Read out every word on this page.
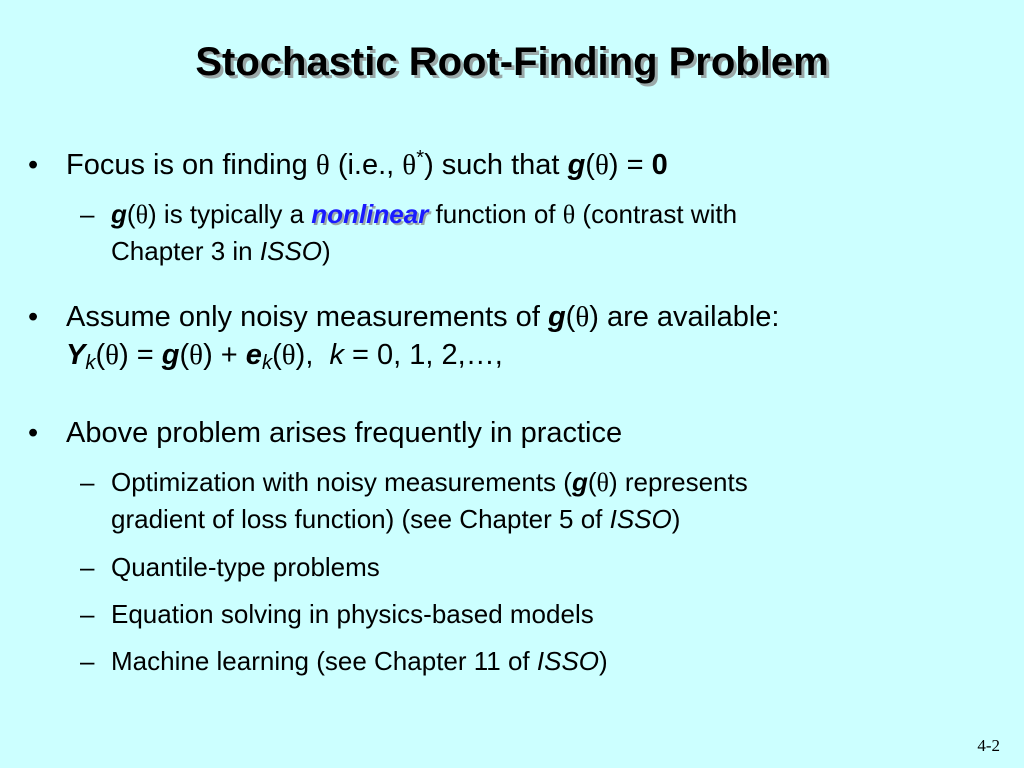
Stochastic Root-Finding Problem
• Focus is on finding θ (i.e., θ*) such that g(θ) = 0
– g(θ) is typically a nonlinear function of θ (contrast with
Chapter 3 in ISSO)
• Assume only noisy measurements of g(θ) are available:
$Y_k(\theta) = g(\theta) + e_k(\theta)$, k = 0, 1, 2,…,
• Above problem arises frequently in practice
– Optimization with noisy measurements (g(θ) represents
gradient of loss function) (see Chapter 5 of ISSO)
– Quantile-type problems
– Equation solving in physics-based models
– Machine learning (see Chapter 11 of ISSO)
4-2
